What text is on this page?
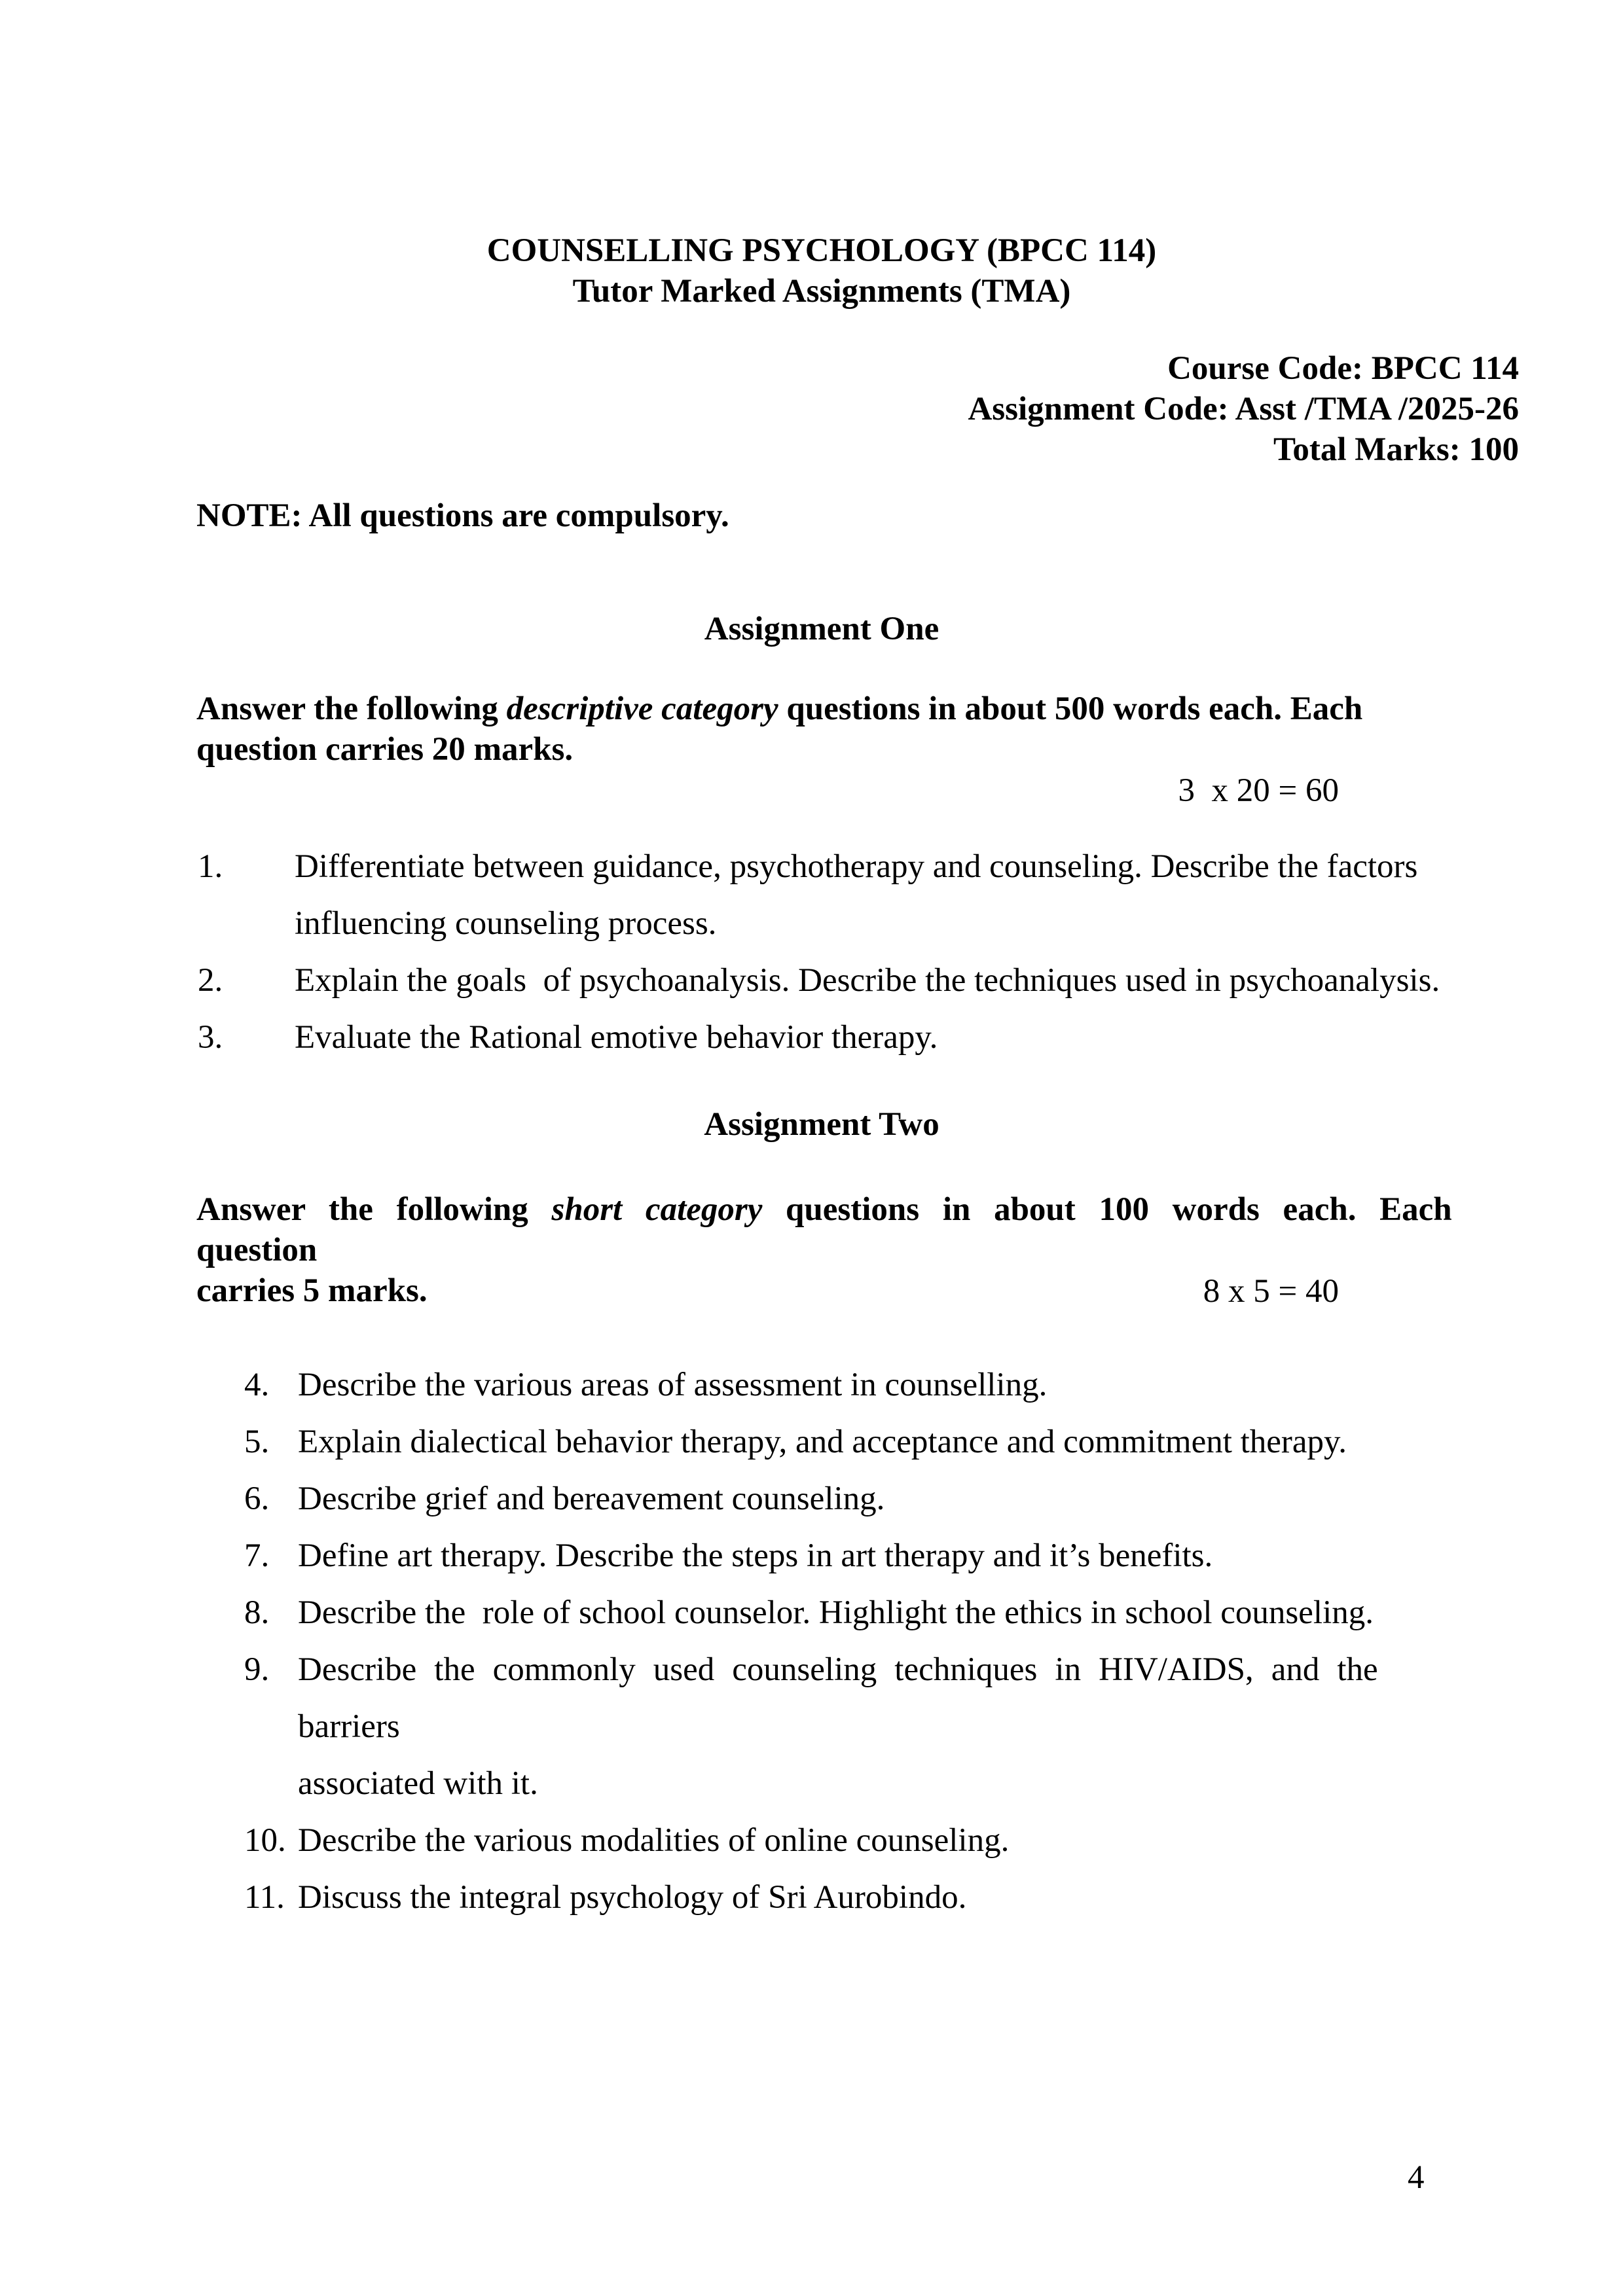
COUNSELLING PSYCHOLOGY (BPCC 114)
Tutor Marked Assignments (TMA)
Course Code: BPCC 114
Assignment Code: Asst /TMA /2025-26
Total Marks: 100
NOTE: All questions are compulsory.
Assignment One

Answer the following descriptive category questions in about 500 words each. Each
question carries 20 marks.

3  x 20 = 60
1.	Differentiate between guidance, psychotherapy and counseling. Describe the factors
influencing counseling process.
2.	Explain the goals  of psychoanalysis. Describe the techniques used in psychoanalysis.
3.	Evaluate the Rational emotive behavior therapy.
Assignment Two

Answer the following short category questions in about 100 words each. Each question
carries 5 marks.	8 x 5 = 40
4. Describe the various areas of assessment in counselling.
5. Explain dialectical behavior therapy, and acceptance and commitment therapy.
6. Describe grief and bereavement counseling.
7. Define art therapy. Describe the steps in art therapy and it’s benefits.
8. Describe the  role of school counselor. Highlight the ethics in school counseling.
9. Describe the commonly used counseling techniques in HIV/AIDS, and the barriers
associated with it.
10. Describe the various modalities of online counseling.
11. Discuss the integral psychology of Sri Aurobindo.
4
